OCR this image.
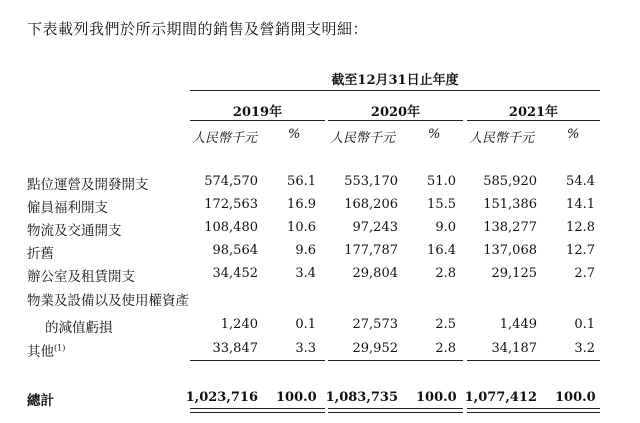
下表載列我們於所示期間的銷售及營銷開支明細：
截至12月31日止年度
2019年	2020年	2021年
人民幣千元 % 人民幣千元	% 人民幣千元	%
點位運營及開發開支	574,570	56.1	553,170	51.0	585,920	54.4
僱員福利開支	172,563	16.9	168,206	15.5	151,386	14.1
物流及交通開支	108,480	10.6	97,243	9.0	138,277	12.8
折舊	98,564	9.6	177,787	16.4	137,068	12.7
辦公室及租賃開支	34,452	3.4	29,804	2.8	29,125	2.7
物業及設備以及使用權資產
的減值虧損	1,240	0.1	27,573	2.5	1,449	0.1
其他$^{(1)}$	33,847	3.3	29,952	2.8	34,187	3.2
總計	1,023,716 100.0 1,083,735 100.0 1,077,412 100.0
